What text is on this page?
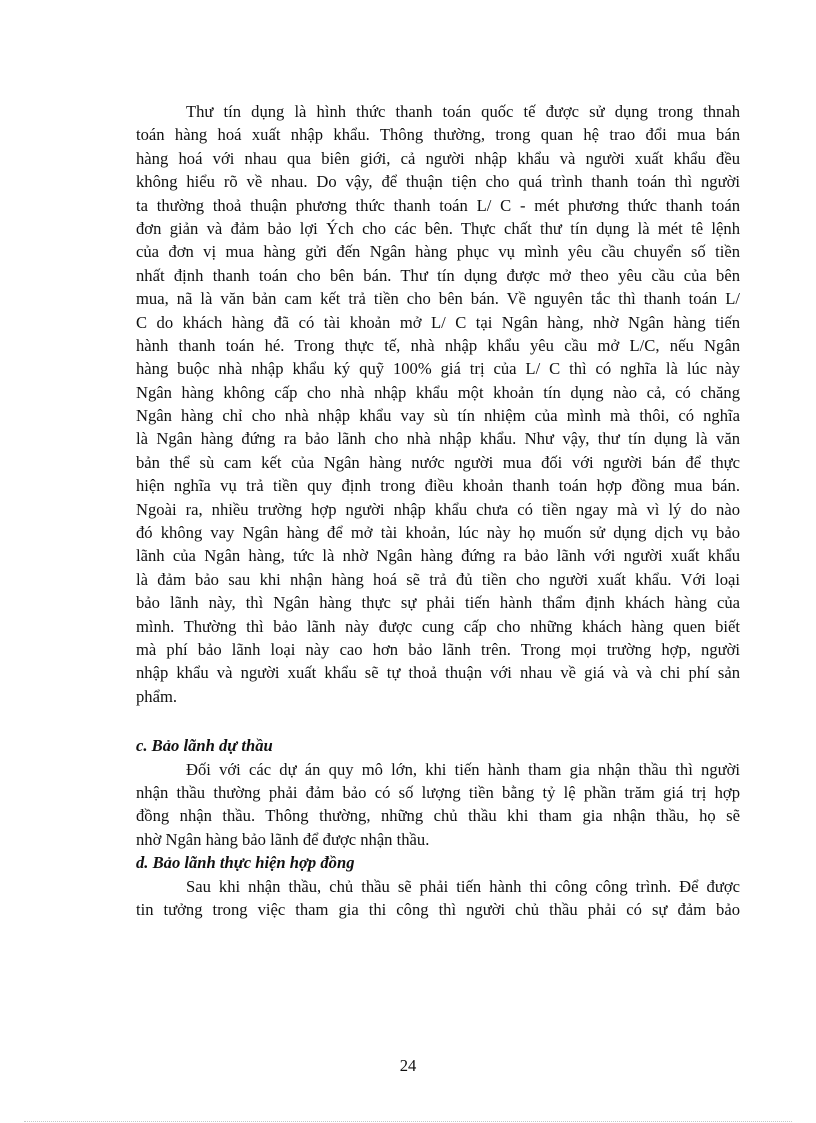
Thư tín dụng là hình thức thanh toán quốc tế được sử dụng trong thnah
toán hàng hoá xuất nhập khẩu. Thông thường, trong quan hệ trao đổi mua bán
hàng hoá với nhau qua biên giới, cả người nhập khẩu và người xuất khẩu đều
không hiểu rõ về nhau. Do vậy, để thuận tiện cho quá trình thanh toán thì người
ta thường thoả thuận phương thức thanh toán L/ C - mét phương thức thanh toán
đơn giản và đảm bảo lợi Ých cho các bên. Thực chất thư tín dụng là mét tê lệnh
của đơn vị mua hàng gửi đến Ngân hàng phục vụ mình yêu cầu chuyển số tiền
nhất định thanh toán cho bên bán. Thư tín dụng được mở theo yêu cầu của bên
mua, nã là văn bản cam kết trả tiền cho bên bán. Về nguyên tắc thì thanh toán L/
C do khách hàng đã có tài khoản mở L/ C tại Ngân hàng, nhờ Ngân hàng tiến
hành thanh toán hé. Trong thực tế, nhà nhập khẩu yêu cầu mở L/C, nếu Ngân
hàng buộc nhà nhập khẩu ký quỹ 100% giá trị của L/ C thì có nghĩa là lúc này
Ngân hàng không cấp cho nhà nhập khẩu một khoản tín dụng nào cả, có chăng
Ngân hàng chỉ cho nhà nhập khẩu vay sù tín nhiệm của mình mà thôi, có nghĩa
là Ngân hàng đứng ra bảo lãnh cho nhà nhập khẩu. Như vậy, thư tín dụng là văn
bản thể sù cam kết của Ngân hàng nước người mua đối với người bán để thực
hiện nghĩa vụ trả tiền quy định trong điều khoản thanh toán hợp đồng mua bán.
Ngoài ra, nhiều trường hợp người nhập khẩu chưa có tiền ngay mà vì lý do nào
đó không vay Ngân hàng để mở tài khoản, lúc này họ muốn sử dụng dịch vụ bảo
lãnh của Ngân hàng, tức là nhờ Ngân hàng đứng ra bảo lãnh với người xuất khẩu
là đảm bảo sau khi nhận hàng hoá sẽ trả đủ tiền cho người xuất khẩu. Với loại
bảo lãnh này, thì Ngân hàng thực sự phải tiến hành thẩm định khách hàng của
mình. Thường thì bảo lãnh này được cung cấp cho những khách hàng quen biết
mà phí bảo lãnh loại này cao hơn bảo lãnh trên. Trong mọi trường hợp, người
nhập khẩu và người xuất khẩu sẽ tự thoả thuận với nhau về giá và và chi phí sản
phẩm.
c. Bảo lãnh dự thầu
Đối với các dự án quy mô lớn, khi tiến hành tham gia nhận thầu thì người
nhận thầu thường phải đảm bảo có số lượng tiền bằng tỷ lệ phần trăm giá trị hợp
đồng nhận thầu. Thông thường, những chủ thầu khi tham gia nhận thầu, họ sẽ
nhờ Ngân hàng bảo lãnh để được nhận thầu.
d. Bảo lãnh thực hiện hợp đồng
Sau khi nhận thầu, chủ thầu sẽ phải tiến hành thi công công trình. Để được
tin tưởng trong việc tham gia thi công thì người chủ thầu phải có sự đảm bảo
24
